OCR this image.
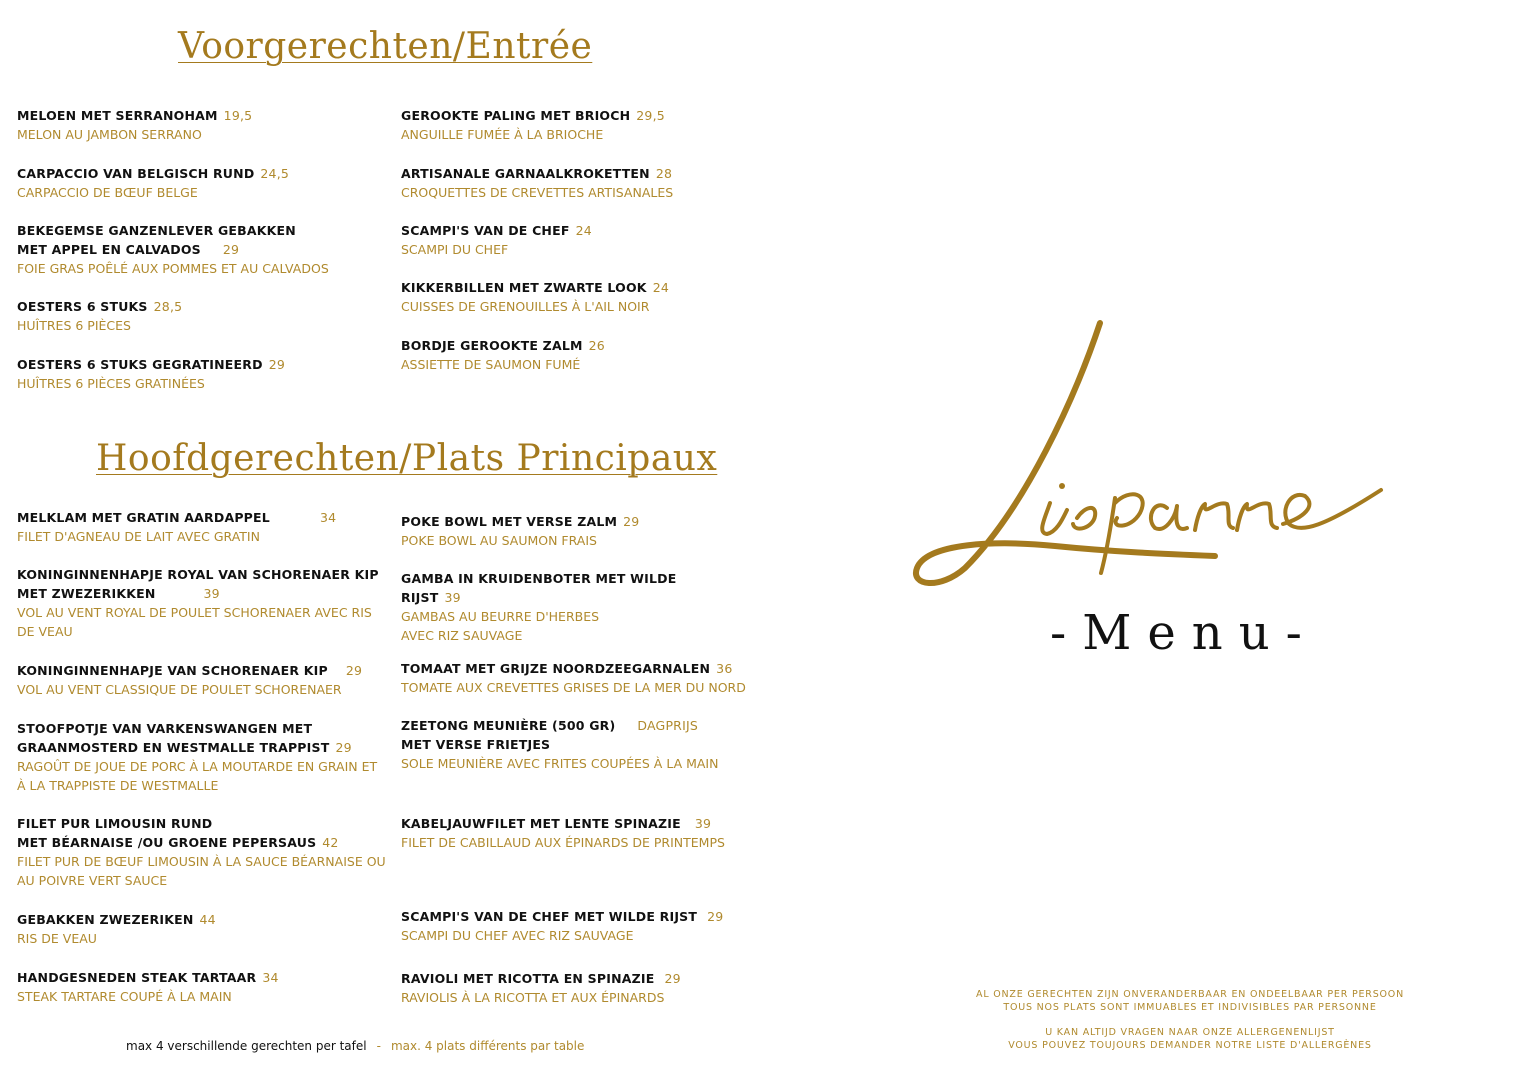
Voorgerechten/Entrée
MELOEN MET SERRANOHAM 19,5
MELON AU JAMBON SERRANO
CARPACCIO VAN BELGISCH RUND 24,5
CARPACCIO DE BŒUF BELGE
BEKEGEMSE GANZENLEVER GEBAKKEN
MET APPEL EN CALVADOS 29
FOIE GRAS POÊLÉ AUX POMMES ET AU CALVADOS
OESTERS 6 STUKS 28,5
HUÎTRES 6 PIÈCES
OESTERS 6 STUKS GEGRATINEERD 29
HUÎTRES 6 PIÈCES GRATINÉES
GEROOKTE PALING MET BRIOCH 29,5
ANGUILLE FUMÉE À LA BRIOCHE
ARTISANALE GARNAALKROKETTEN 28
CROQUETTES DE CREVETTES ARTISANALES
SCAMPI'S VAN DE CHEF 24
SCAMPI DU CHEF
KIKKERBILLEN MET ZWARTE LOOK 24
CUISSES DE GRENOUILLES À L'AIL NOIR
BORDJE GEROOKTE ZALM 26
ASSIETTE DE SAUMON FUMÉ
Hoofdgerechten/Plats Principaux
MELKLAM MET GRATIN AARDAPPEL	34
FILET D'AGNEAU DE LAIT AVEC GRATIN
KONINGINNENHAPJE ROYAL VAN SCHORENAER KIP
MET ZWEZERIKKEN	39
VOL AU VENT ROYAL DE POULET SCHORENAER AVEC RIS DE VEAU
KONINGINNENHAPJE VAN SCHORENAER KIP 29
VOL AU VENT CLASSIQUE DE POULET SCHORENAER
STOOFPOTJE VAN VARKENSWANGEN MET
GRAANMOSTERD EN WESTMALLE TRAPPIST 29
RAGOÛT DE JOUE DE PORC À LA MOUTARDE EN GRAIN ET À LA TRAPPISTE DE WESTMALLE
FILET PUR LIMOUSIN RUND
MET BÉARNAISE /OU GROENE PEPERSAUS 42
FILET PUR DE BŒUF LIMOUSIN À LA SAUCE BÉARNAISE OU AU POIVRE VERT SAUCE
GEBAKKEN ZWEZERIKEN 44
RIS DE VEAU
HANDGESNEDEN STEAK TARTAAR 34
STEAK TARTARE COUPÉ À LA MAIN
POKE BOWL MET VERSE ZALM 29
POKE BOWL AU SAUMON FRAIS
GAMBA IN KRUIDENBOTER MET WILDE RIJST 39
GAMBAS AU BEURRE D'HERBES AVEC RIZ SAUVAGE
TOMAAT MET GRIJZE NOORDZEEGARNALEN 36
TOMATE AUX CREVETTES GRISES DE LA MER DU NORD
ZEETONG MEUNIÈRE (500 GR) DAGPRIJS
MET VERSE FRIETJES
SOLE MEUNIÈRE AVEC FRITES COUPÉES À LA MAIN
KABELJAUWFILET MET LENTE SPINAZIE 39
FILET DE CABILLAUD AUX ÉPINARDS DE PRINTEMPS
SCAMPI'S VAN DE CHEF MET WILDE RIJST 29
SCAMPI DU CHEF AVEC RIZ SAUVAGE
RAVIOLI MET RICOTTA EN SPINAZIE 29
RAVIOLIS À LA RICOTTA ET AUX ÉPINARDS
-Menu-
AL ONZE GERECHTEN ZIJN ONVERANDERBAAR EN ONDEELBAAR PER PERSOON
TOUS NOS PLATS SONT IMMUABLES ET INDIVISIBLES PAR PERSONNE
U KAN ALTIJD VRAGEN NAAR ONZE ALLERGENENLIJST
VOUS POUVEZ TOUJOURS DEMANDER NOTRE LISTE D'ALLERGÈNES
max 4 verschillende gerechten per tafel - max. 4 plats différents par table
